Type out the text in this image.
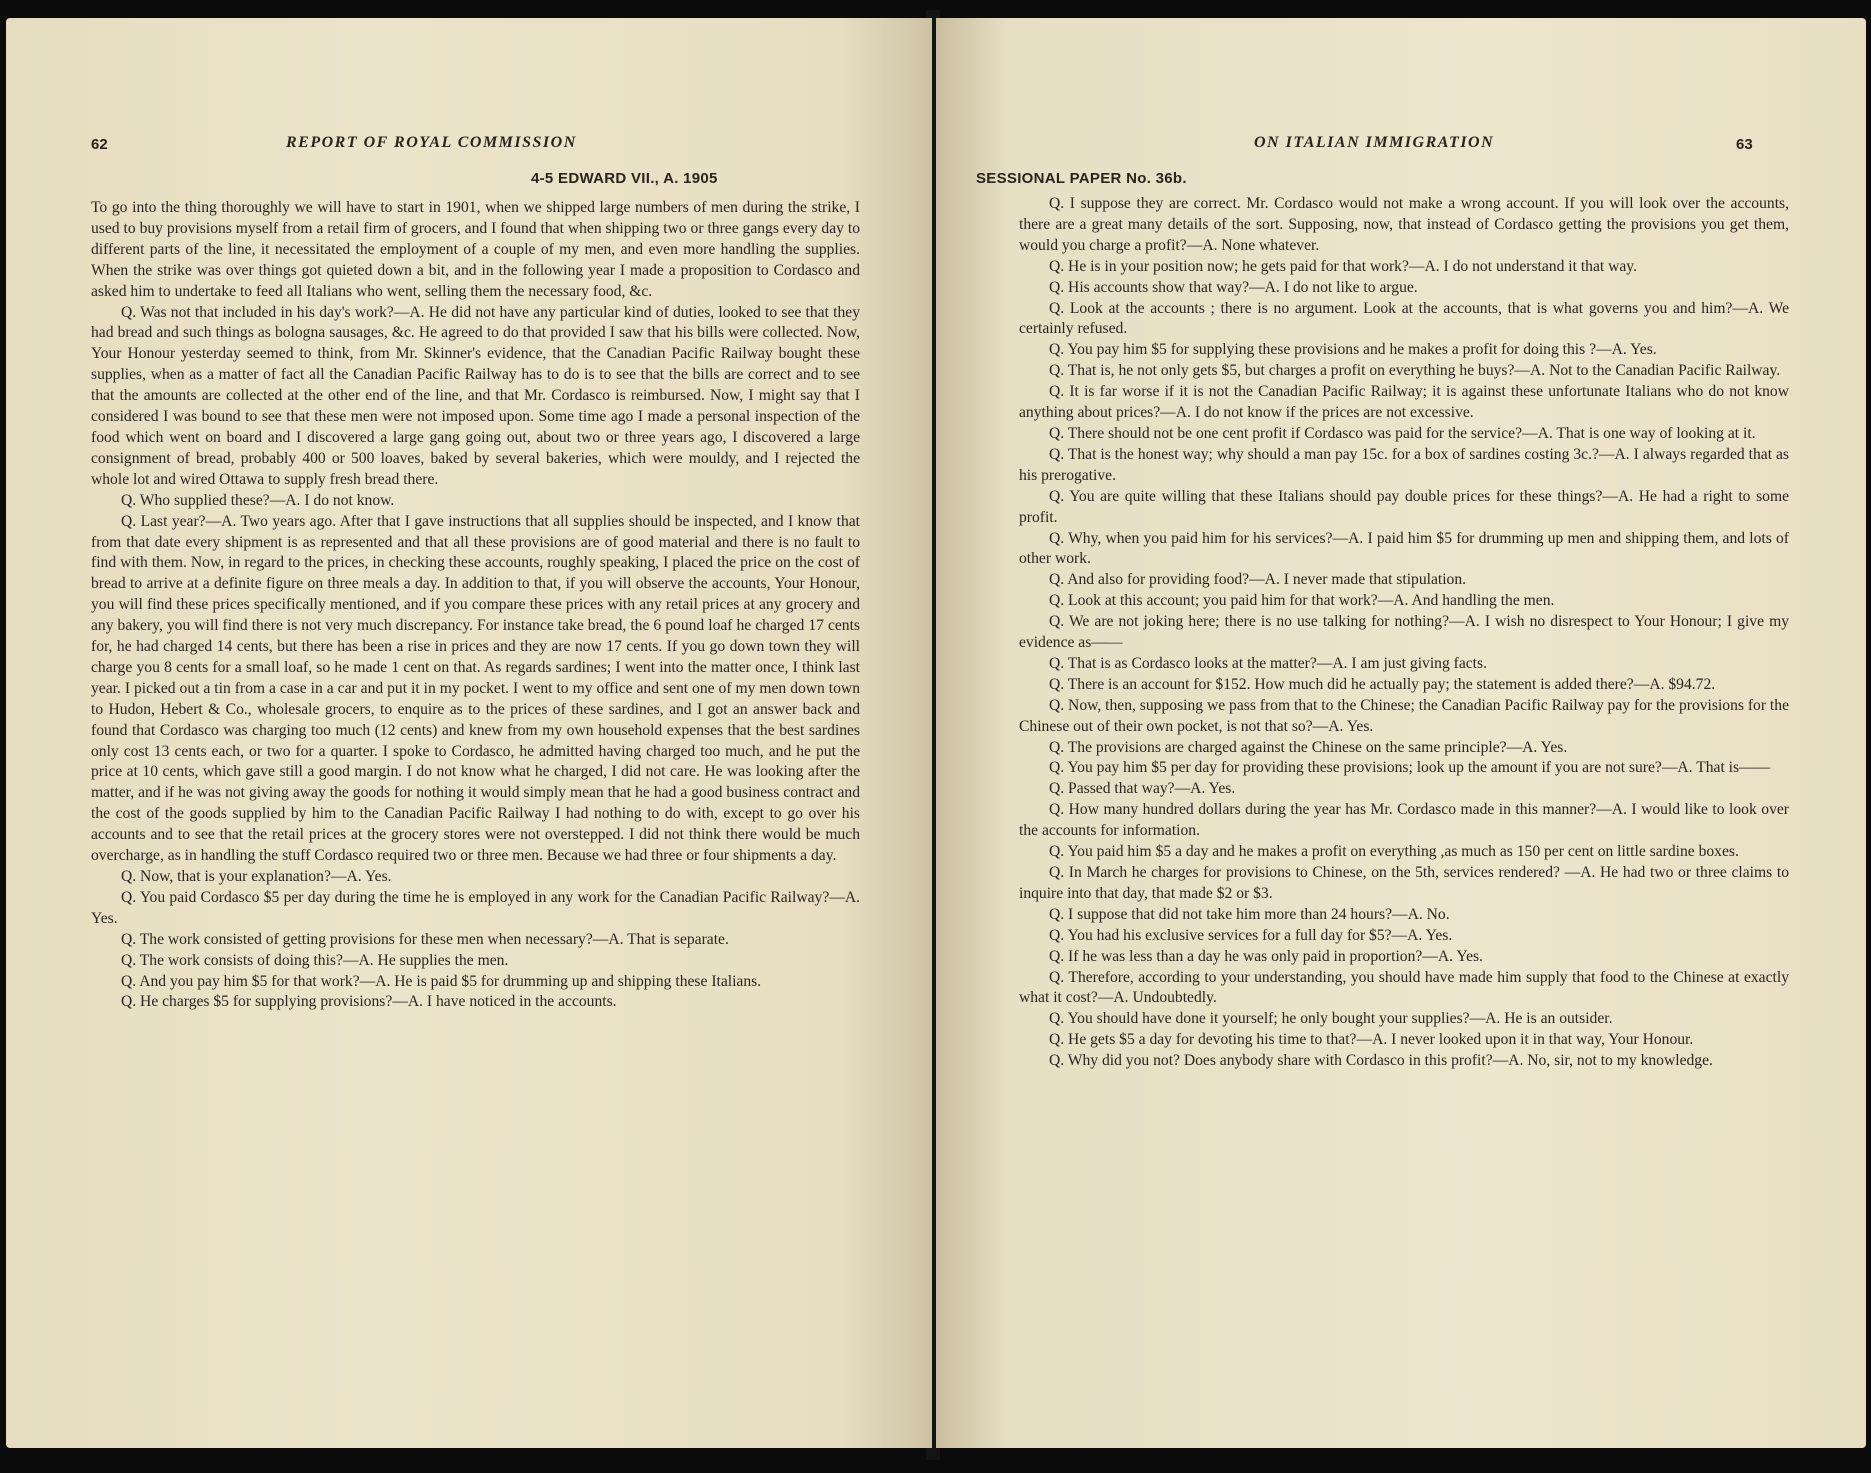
62	REPORT OF ROYAL COMMISSION
4-5 EDWARD VII., A. 1905

To go into the thing thoroughly we will have to start in 1901, when we shipped large numbers of men during the strike, I used to buy provisions myself from a retail firm of grocers, and I found that when shipping two or three gangs every day to different parts of the line, it necessitated the employment of a couple of my men, and even more handling the supplies. When the strike was over things got quieted down a bit, and in the following year I made a proposition to Cordasco and asked him to undertake to feed all Italians who went, selling them the necessary food, &c.

Q. Was not that included in his day's work?—A. He did not have any particular kind of duties, looked to see that they had bread and such things as bologna sausages, &c. He agreed to do that provided I saw that his bills were collected. Now, Your Honour yesterday seemed to think, from Mr. Skinner's evidence, that the Canadian Pacific Railway bought these supplies, when as a matter of fact all the Canadian Pacific Railway has to do is to see that the bills are correct and to see that the amounts are collected at the other end of the line, and that Mr. Cordasco is reimbursed. Now, I might say that I considered I was bound to see that these men were not imposed upon. Some time ago I made a personal inspection of the food which went on board and I discovered a large gang going out, about two or three years ago, I discovered a large consignment of bread, probably 400 or 500 loaves, baked by several bakeries, which were mouldy, and I rejected the whole lot and wired Ottawa to supply fresh bread there.

Q. Who supplied these?—A. I do not know.

Q. Last year?—A. Two years ago. After that I gave instructions that all supplies should be inspected, and I know that from that date every shipment is as represented and that all these provisions are of good material and there is no fault to find with them. Now, in regard to the prices, in checking these accounts, roughly speaking, I placed the price on the cost of bread to arrive at a definite figure on three meals a day. In addition to that, if you will observe the accounts, Your Honour, you will find these prices specifically mentioned, and if you compare these prices with any retail prices at any grocery and any bakery, you will find there is not very much discrepancy. For instance take bread, the 6 pound loaf he charged 17 cents for, he had charged 14 cents, but there has been a rise in prices and they are now 17 cents. If you go down town they will charge you 8 cents for a small loaf, so he made 1 cent on that. As regards sardines; I went into the matter once, I think last year. I picked out a tin from a case in a car and put it in my pocket. I went to my office and sent one of my men down town to Hudon, Hebert & Co., wholesale grocers, to enquire as to the prices of these sardines, and I got an answer back and found that Cordasco was charging too much (12 cents) and knew from my own household expenses that the best sardines only cost 13 cents each, or two for a quarter. I spoke to Cordasco, he admitted having charged too much, and he put the price at 10 cents, which gave still a good margin. I do not know what he charged, I did not care. He was looking after the matter, and if he was not giving away the goods for nothing it would simply mean that he had a good business contract and the cost of the goods supplied by him to the Canadian Pacific Railway I had nothing to do with, except to go over his accounts and to see that the retail prices at the grocery stores were not overstepped. I did not think there would be much overcharge, as in handling the stuff Cordasco required two or three men. Because we had three or four shipments a day.

Q. Now, that is your explanation?—A. Yes.

Q. You paid Cordasco $5 per day during the time he is employed in any work for the Canadian Pacific Railway?—A. Yes.

Q. The work consisted of getting provisions for these men when necessary?—A. That is separate.

Q. The work consists of doing this?—A. He supplies the men.

Q. And you pay him $5 for that work?—A. He is paid $5 for drumming up and shipping these Italians.

Q. He charges $5 for supplying provisions?—A. I have noticed in the accounts.

ON ITALIAN IMMIGRATION	63
SESSIONAL PAPER No. 36b.

Q. I suppose they are correct. Mr. Cordasco would not make a wrong account. If you will look over the accounts, there are a great many details of the sort. Supposing, now, that instead of Cordasco getting the provisions you get them, would you charge a profit?—A. None whatever.

Q. He is in your position now; he gets paid for that work?—A. I do not understand it that way.

Q. His accounts show that way?—A. I do not like to argue.

Q. Look at the accounts ; there is no argument. Look at the accounts, that is what governs you and him?—A. We certainly refused.

Q. You pay him $5 for supplying these provisions and he makes a profit for doing this ?—A. Yes.

Q. That is, he not only gets $5, but charges a profit on everything he buys?—A. Not to the Canadian Pacific Railway.

Q. It is far worse if it is not the Canadian Pacific Railway; it is against these unfortunate Italians who do not know anything about prices?—A. I do not know if the prices are not excessive.

Q. There should not be one cent profit if Cordasco was paid for the service?—A. That is one way of looking at it.

Q. That is the honest way; why should a man pay 15c. for a box of sardines costing 3c.?—A. I always regarded that as his prerogative.

Q. You are quite willing that these Italians should pay double prices for these things?—A. He had a right to some profit.

Q. Why, when you paid him for his services?—A. I paid him $5 for drumming up men and shipping them, and lots of other work.

Q. And also for providing food?—A. I never made that stipulation.

Q. Look at this account; you paid him for that work?—A. And handling the men.

Q. We are not joking here; there is no use talking for nothing?—A. I wish no disrespect to Your Honour; I give my evidence as——

Q. That is as Cordasco looks at the matter?—A. I am just giving facts.

Q. There is an account for $152. How much did he actually pay; the statement is added there?—A. $94.72.

Q. Now, then, supposing we pass from that to the Chinese; the Canadian Pacific Railway pay for the provisions for the Chinese out of their own pocket, is not that so?—A. Yes.

Q. The provisions are charged against the Chinese on the same principle?—A. Yes.

Q. You pay him $5 per day for providing these provisions; look up the amount if you are not sure?—A. That is——

Q. Passed that way?—A. Yes.

Q. How many hundred dollars during the year has Mr. Cordasco made in this manner?—A. I would like to look over the accounts for information.

Q. You paid him $5 a day and he makes a profit on everything ,as much as 150 per cent on little sardine boxes.

Q. In March he charges for provisions to Chinese, on the 5th, services rendered? —A. He had two or three claims to inquire into that day, that made $2 or $3.

Q. I suppose that did not take him more than 24 hours?—A. No.

Q. You had his exclusive services for a full day for $5?—A. Yes.

Q. If he was less than a day he was only paid in proportion?—A. Yes.

Q. Therefore, according to your understanding, you should have made him supply that food to the Chinese at exactly what it cost?—A. Undoubtedly.

Q. You should have done it yourself; he only bought your supplies?—A. He is an outsider.

Q. He gets $5 a day for devoting his time to that?—A. I never looked upon it in that way, Your Honour.

Q. Why did you not? Does anybody share with Cordasco in this profit?—A. No, sir, not to my knowledge.
